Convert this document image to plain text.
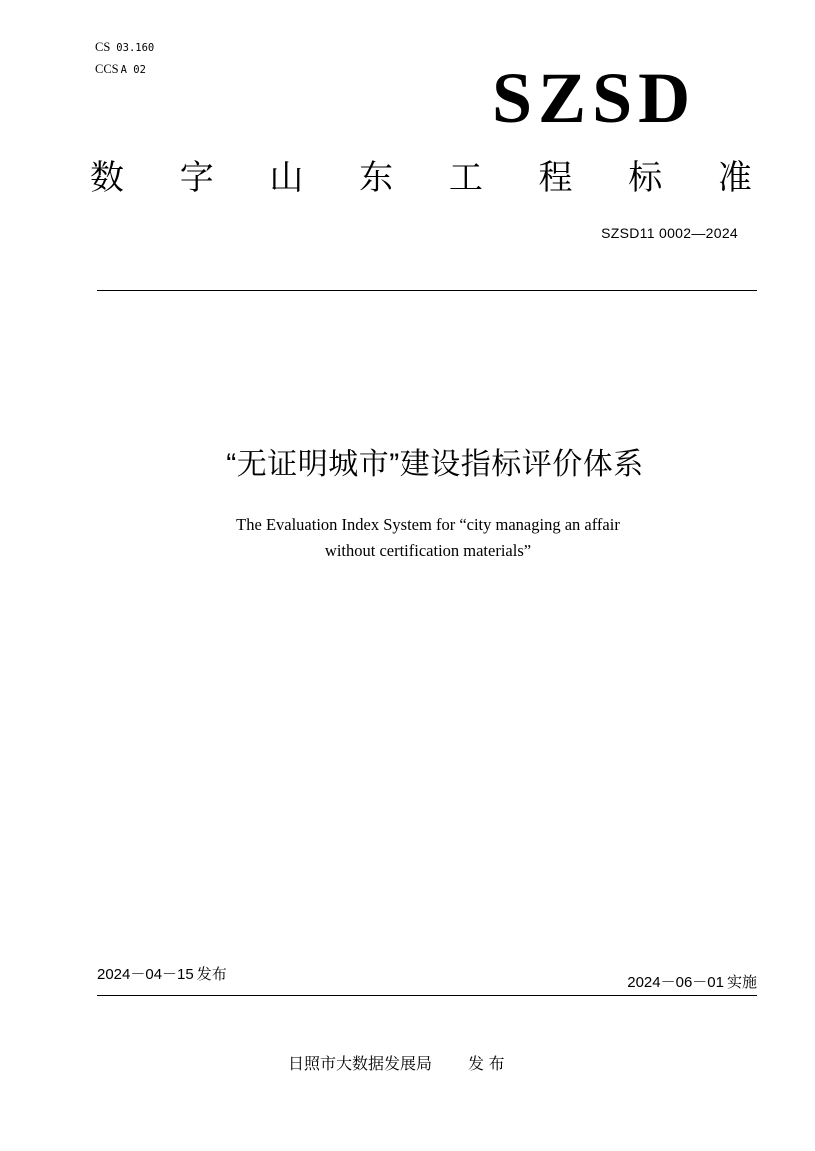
CS 03.160
CCS A 02	SZSD
数 字 山 东 工 程 标 准
SZSD11 0002—2024
“无证明城市”建设指标评价体系
The Evaluation Index System for “city managing an affair
without certification materials”
2024－04－15 发布	2024－06－01 实施
日照市大数据发展局 发 布
